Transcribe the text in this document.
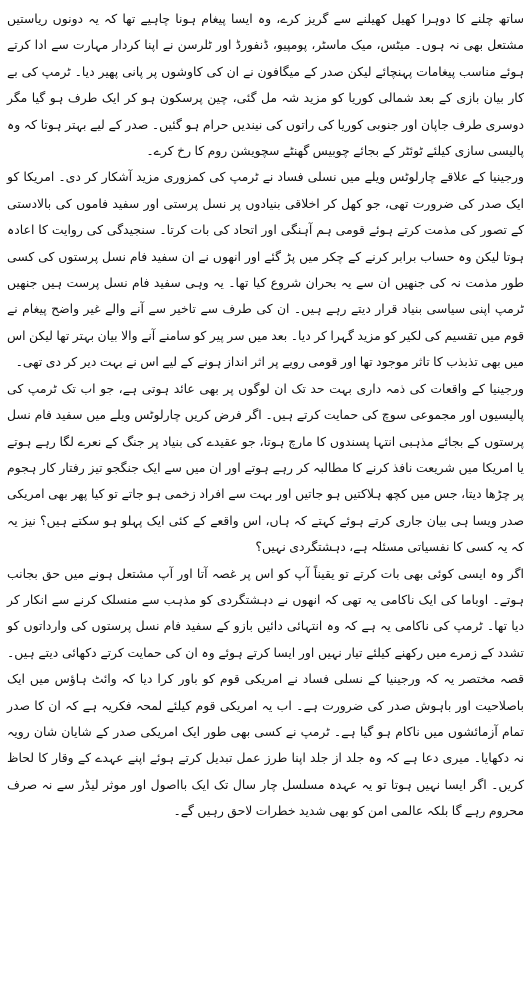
ساتھ چلنے کا دوہرا کھیل کھیلنے سے گریز کرے، وہ ایسا پیغام ہونا چاہیے تھا کہ یہ دونوں ریاستیں مشتعل بھی نہ ہوں۔ میٹس، میک ماسٹر، پومپیو، ڈنفورڈ اور ٹلرسن نے اپنا کردار مہارت سے ادا کرتے ہوئے مناسب پیغامات پہنچائے لیکن صدر کے میگافون نے ان کی کاوشوں پر پانی پھیر دیا۔ ٹرمپ کی بے کار بیان بازی کے بعد شمالی کوریا کو مزید شہ مل گئی، چین پرسکون ہو کر ایک طرف ہو گیا مگر دوسری طرف جاپان اور جنوبی کوریا کی راتوں کی نیندیں حرام ہو گئیں۔ صدر کے لیے بہتر ہوتا کہ وہ پالیسی سازی کیلئے ٹوئٹر کے بجائے چوبیس گھنٹے سچویشن روم کا رخ کرے۔

ورجینیا کے علاقے چارلوٹس ویلے میں نسلی فساد نے ٹرمپ کی کمزوری مزید آشکار کر دی۔ امریکا کو ایک صدر کی ضرورت تھی، جو کھل کر اخلاقی بنیادوں پر نسل پرستی اور سفید فاموں کی بالادستی کے تصور کی مذمت کرتے ہوئے قومی ہم آہنگی اور اتحاد کی بات کرتا۔ سنجیدگی کی روایت کا اعادہ ہوتا لیکن وہ حساب برابر کرنے کے چکر میں پڑ گئے اور انھوں نے ان سفید فام نسل پرستوں کی کسی طور مذمت نہ کی جنھیں ان سے یہ بحران شروع کیا تھا۔ یہ وہی سفید فام نسل پرست ہیں جنھیں ٹرمپ اپنی سیاسی بنیاد قرار دیتے رہے ہیں۔ ان کی طرف سے تاخیر سے آنے والے غیر واضح پیغام نے قوم میں تقسیم کی لکیر کو مزید گہرا کر دیا۔ بعد میں سر پیر کو سامنے آنے والا بیان بہتر تھا لیکن اس میں بھی تذبذب کا تاثر موجود تھا اور قومی رویے پر اثر انداز ہونے کے لیے اس نے بہت دیر کر دی تھی۔

ورجینیا کے واقعات کی ذمہ داری بہت حد تک ان لوگوں پر بھی عائد ہوتی ہے، جو اب تک ٹرمپ کی پالیسیوں اور مجموعی سوچ کی حمایت کرتے ہیں۔ اگر فرض کریں چارلوٹس ویلے میں سفید فام نسل پرستوں کے بجائے مذہبی انتہا پسندوں کا مارچ ہوتا، جو عقیدے کی بنیاد پر جنگ کے نعرے لگا رہے ہوتے یا امریکا میں شریعت نافذ کرنے کا مطالبہ کر رہے ہوتے اور ان میں سے ایک جنگجو تیز رفتار کار ہجوم پر چڑھا دیتا، جس میں کچھ ہلاکتیں ہو جاتیں اور بہت سے افراد زخمی ہو جاتے تو کیا پھر بھی امریکی صدر ویسا ہی بیان جاری کرتے ہوئے کہتے کہ ہاں، اس واقعے کے کئی ایک پہلو ہو سکتے ہیں؟ نیز یہ کہ یہ کسی کا نفسیاتی مسئلہ ہے، دہشتگردی نہیں؟

اگر وہ ایسی کوئی بھی بات کرتے تو یقیناً آپ کو اس پر غصہ آتا اور آپ مشتعل ہونے میں حق بجانب ہوتے۔ اوباما کی ایک ناکامی یہ تھی کہ انھوں نے دہشتگردی کو مذہب سے منسلک کرنے سے انکار کر دیا تھا۔ ٹرمپ کی ناکامی یہ ہے کہ وہ انتہائی دائیں بازو کے سفید فام نسل پرستوں کی وارداتوں کو تشدد کے زمرے میں رکھنے کیلئے تیار نہیں اور ایسا کرتے ہوئے وہ ان کی حمایت کرتے دکھائی دیتے ہیں۔ قصہ مختصر یہ کہ ورجینیا کے نسلی فساد نے امریکی قوم کو باور کرا دیا کہ وائٹ ہاؤس میں ایک باصلاحیت اور باہوش صدر کی ضرورت ہے۔ اب یہ امریکی قوم کیلئے لمحہ فکریہ ہے کہ ان کا صدر تمام آزمائشوں میں ناکام ہو گیا ہے۔ ٹرمپ نے کسی بھی طور ایک امریکی صدر کے شایان شان رویہ نہ دکھایا۔ میری دعا ہے کہ وہ جلد از جلد اپنا طرز عمل تبدیل کرتے ہوئے اپنے عہدے کے وقار کا لحاظ کریں۔ اگر ایسا نہیں ہوتا تو یہ عہدہ مسلسل چار سال تک ایک بااصول اور موثر لیڈر سے نہ صرف محروم رہے گا بلکہ عالمی امن کو بھی شدید خطرات لاحق رہیں گے۔
